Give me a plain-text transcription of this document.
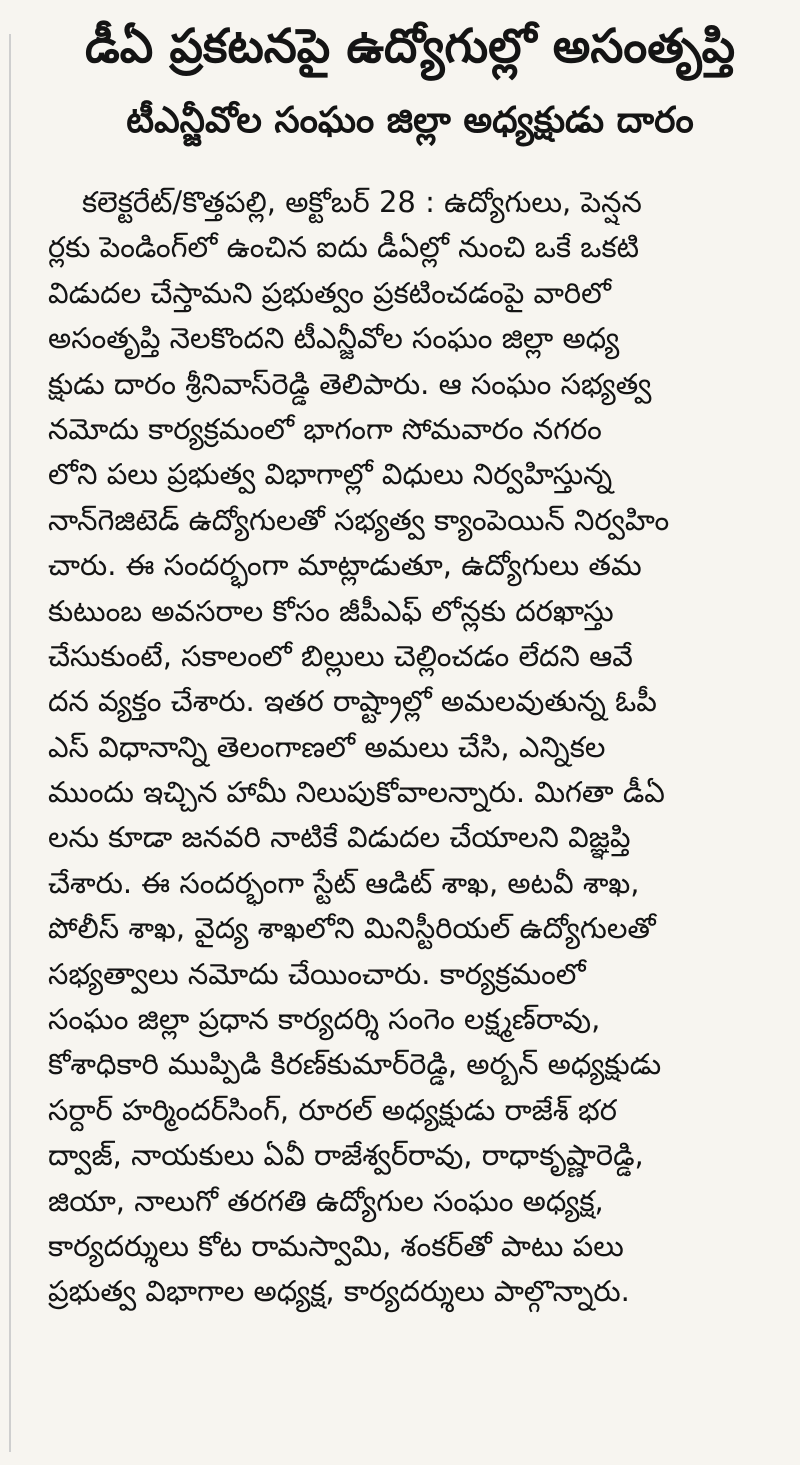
డీఏ ప్రకటనపై ఉద్యోగుల్లో అసంతృప్తి
టీఎన్జీవోల సంఘం జిల్లా అధ్యక్షుడు దారం
కలెక్టరేట్/కొత్తపల్లి, అక్టోబర్ 28 : ఉద్యోగులు, పెన్షన
ర్లకు పెండింగ్‌లో ఉంచిన ఐదు డీఏల్లో నుంచి ఒకే ఒకటి
విడుదల చేస్తామని ప్రభుత్వం ప్రకటించడంపై వారిలో
అసంతృప్తి నెలకొందని టీఎన్జీవోల సంఘం జిల్లా అధ్య
క్షుడు దారం శ్రీనివాస్‌రెడ్డి తెలిపారు. ఆ సంఘం సభ్యత్వ
నమోదు కార్యక్రమంలో భాగంగా సోమవారం నగరం
లోని పలు ప్రభుత్వ విభాగాల్లో విధులు నిర్వహిస్తున్న
నాన్‌గెజిటెడ్ ఉద్యోగులతో సభ్యత్వ క్యాంపెయిన్ నిర్వహిం
చారు. ఈ సందర్భంగా మాట్లాడుతూ, ఉద్యోగులు తమ
కుటుంబ అవసరాల కోసం జీపీఎఫ్ లోన్లకు దరఖాస్తు
చేసుకుంటే, సకాలంలో బిల్లులు చెల్లించడం లేదని ఆవే
దన వ్యక్తం చేశారు. ఇతర రాష్ట్రాల్లో అమలవుతున్న ఓపీ
ఎస్ విధానాన్ని తెలంగాణలో అమలు చేసి, ఎన్నికల
ముందు ఇచ్చిన హామీ నిలుపుకోవాలన్నారు. మిగతా డీఏ
లను కూడా జనవరి నాటికే విడుదల చేయాలని విజ్ఞప్తి
చేశారు. ఈ సందర్భంగా స్టేట్ ఆడిట్ శాఖ, అటవీ శాఖ,
పోలీస్ శాఖ, వైద్య శాఖలోని మినిస్టీరియల్ ఉద్యోగులతో
సభ్యత్వాలు నమోదు చేయించారు. కార్యక్రమంలో
సంఘం జిల్లా ప్రధాన కార్యదర్శి సంగెం లక్ష్మణ్‌రావు,
కోశాధికారి ముప్పిడి కిరణ్‌కుమార్‌రెడ్డి, అర్బన్ అధ్యక్షుడు
సర్దార్ హర్మిందర్‌సింగ్, రూరల్ అధ్యక్షుడు రాజేశ్ భర
ద్వాజ్, నాయకులు ఏవీ రాజేశ్వర్‌రావు, రాధాకృష్ణారెడ్డి,
జియా, నాలుగో తరగతి ఉద్యోగుల సంఘం అధ్యక్ష,
కార్యదర్శులు కోట రామస్వామి, శంకర్‌తో పాటు పలు
ప్రభుత్వ విభాగాల అధ్యక్ష, కార్యదర్శులు పాల్గొన్నారు.
